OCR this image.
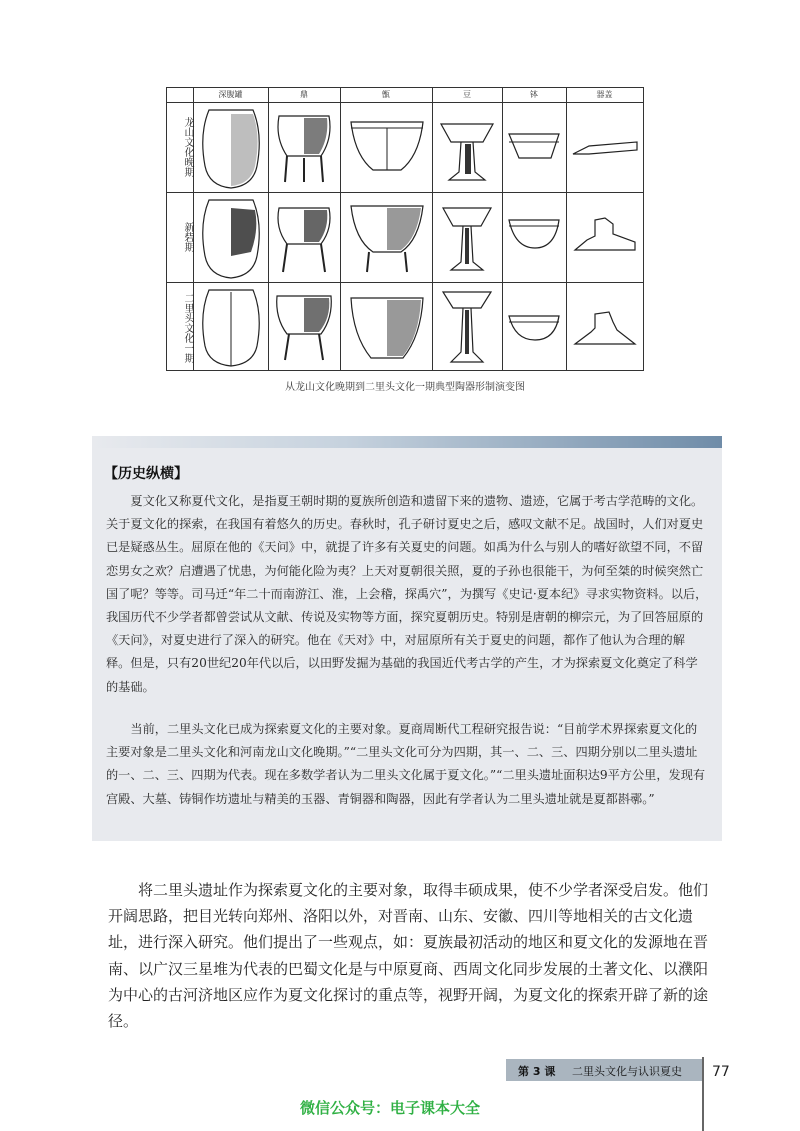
深腹罐	鼎	甑	豆	钵	器盖
龙山文化晚期
新砦期
二里头文化一期
从龙山文化晚期到二里头文化一期典型陶器形制演变图
【历史纵横】

夏文化又称夏代文化，是指夏王朝时期的夏族所创造和遗留下来的遗物、遗迹，它属于考古学范畴的文化。关于夏文化的探索，在我国有着悠久的历史。春秋时，孔子研讨夏史之后，感叹文献不足。战国时，人们对夏史已是疑惑丛生。屈原在他的《天问》中，就提了许多有关夏史的问题。如禹为什么与别人的嗜好欲望不同，不留恋男女之欢？启遭遇了忧患，为何能化险为夷？上天对夏朝很关照，夏的子孙也很能干，为何至桀的时候突然亡国了呢？等等。司马迁“年二十而南游江、淮，上会稽，探禹穴”，为撰写《史记·夏本纪》寻求实物资料。以后，我国历代不少学者都曾尝试从文献、传说及实物等方面，探究夏朝历史。特别是唐朝的柳宗元，为了回答屈原的《天问》，对夏史进行了深入的研究。他在《天对》中，对屈原所有关于夏史的问题，都作了他认为合理的解释。但是，只有20世纪20年代以后，以田野发掘为基础的我国近代考古学的产生，才为探索夏文化奠定了科学的基础。

当前，二里头文化已成为探索夏文化的主要对象。夏商周断代工程研究报告说：“目前学术界探索夏文化的主要对象是二里头文化和河南龙山文化晚期。”“二里头文化可分为四期，其一、二、三、四期分别以二里头遗址的一、二、三、四期为代表。现在多数学者认为二里头文化属于夏文化。”“二里头遗址面积达9平方公里，发现有宫殿、大墓、铸铜作坊遗址与精美的玉器、青铜器和陶器，因此有学者认为二里头遗址就是夏都斟鄩。”

将二里头遗址作为探索夏文化的主要对象，取得丰硕成果，使不少学者深受启发。他们开阔思路，把目光转向郑州、洛阳以外，对晋南、山东、安徽、四川等地相关的古文化遗址，进行深入研究。他们提出了一些观点，如：夏族最初活动的地区和夏文化的发源地在晋南、以广汉三星堆为代表的巴蜀文化是与中原夏商、西周文化同步发展的土著文化、以濮阳为中心的古河济地区应作为夏文化探讨的重点等，视野开阔，为夏文化的探索开辟了新的途径。

第 3 课 二里头文化与认识夏史 77
微信公众号：电子课本大全
